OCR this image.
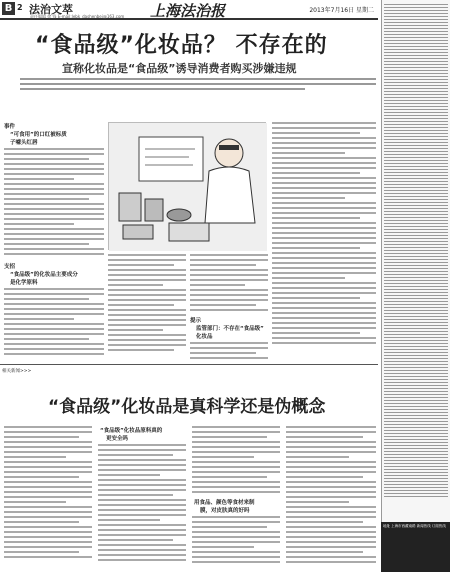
B 2 法治文萃	上海法治报	2013年7月16日 星期二
责任编辑 徐 锋 E-mail:lebk_dashenbei@163.com
“食品级”化妆品？ 不存在的
宣称化妆品是“食品级”诱导消费者购买涉嫌违规
事件
“可食用”的口红被标质
子噱头红唇
支招
“食品级”的化妆品主要成分
是化学原料
提示
监管部门：不存在“食品级”
化妆品
相关新闻>>>
“食品级”化妆品是真科学还是伪概念
“食品级”化妆品原料真的
更安全吗
用食品、颜色等食材来制
膜，对皮肤真的好吗
地址 上海市西藏南路 新闻热线 订阅热线
